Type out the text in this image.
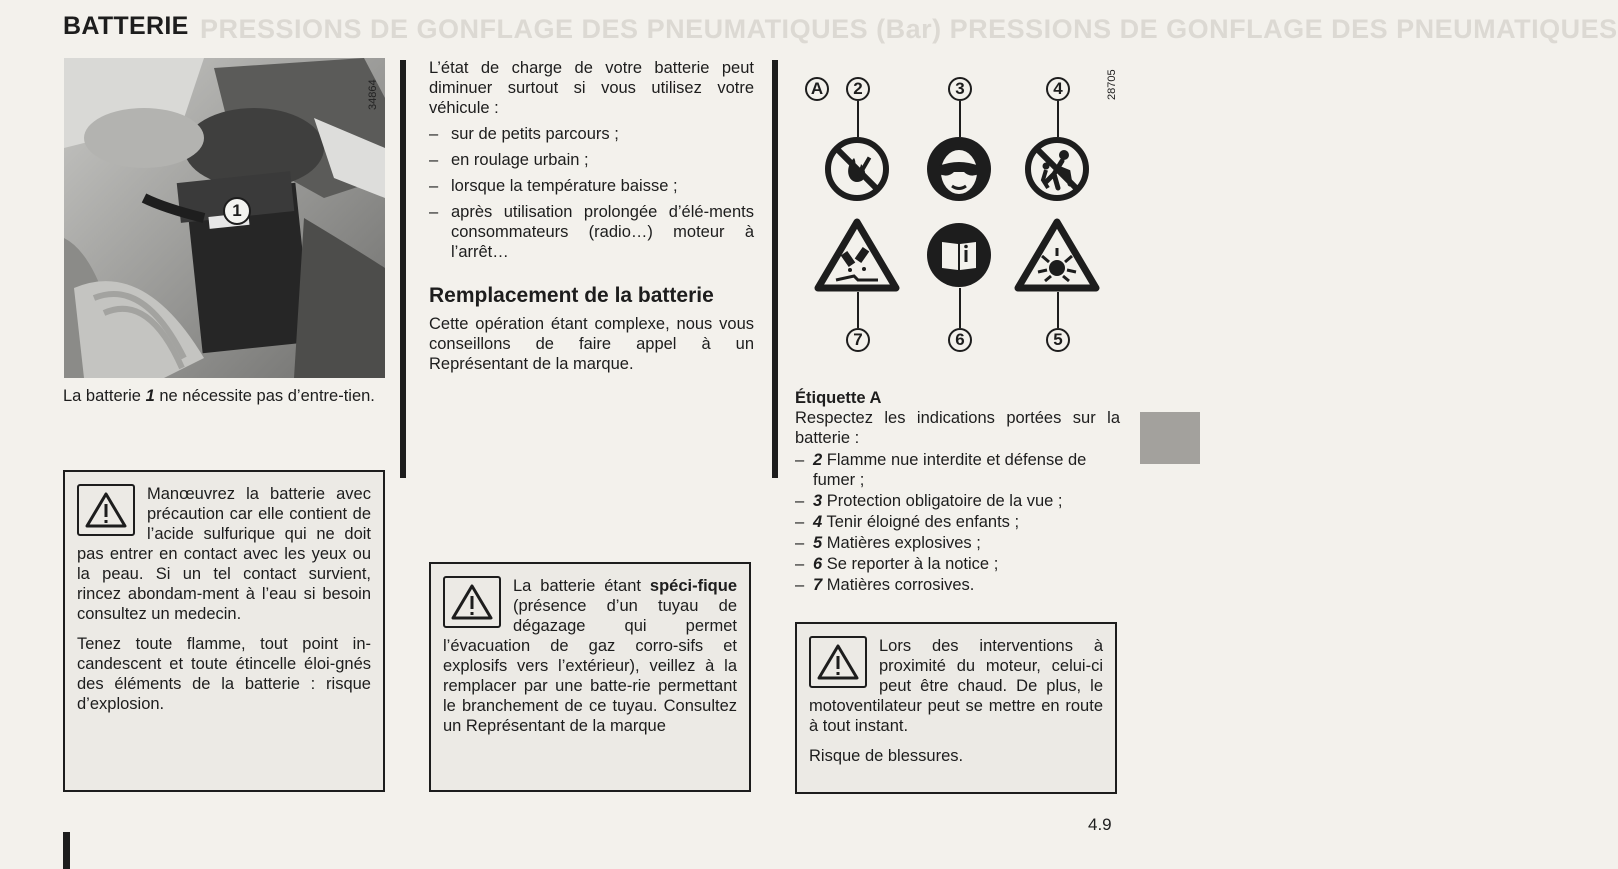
PRESSIONS DE GONFLAGE DES PNEUMATIQUES (Bar) PRESSIONS DE GONFLAGE DES PNEUMATIQUES
BATTERIE
1
34864
La batterie 1 ne nécessite pas d’entre-tien.

Manœuvrez la batterie avec précaution car elle contient de l’acide sulfurique qui ne doit pas entrer en contact avec les yeux ou la peau. Si un tel contact survient, rincez abondam-ment à l’eau si besoin consultez un medecin.

Tenez toute flamme, tout point in-candescent et toute étincelle éloi-gnés des éléments de la batterie : risque d’explosion.

L’état de charge de votre batterie peut diminuer surtout si vous utilisez votre véhicule :

– sur de petits parcours ;
– en roulage urbain ;
– lorsque la température baisse ;
– après utilisation prolongée d’élé-ments consommateurs (radio…) moteur à l’arrêt…
Remplacement de la batterie

Cette opération étant complexe, nous vous conseillons de faire appel à un Représentant de la marque.

La batterie étant spéci-fique (présence d’un tuyau de dégazage qui permet l’évacuation de gaz corro-sifs et explosifs vers l’extérieur), veillez à la remplacer par une batte-rie permettant le branchement de ce tuyau. Consultez un Représentant de la marque

A	2	3	4
7	6	5
28705
Étiquette A

Respectez les indications portées sur la batterie :

– 2 Flamme nue interdite et défense de fumer ;
– 3 Protection obligatoire de la vue ;
– 4 Tenir éloigné des enfants ;
– 5 Matières explosives ;
– 6 Se reporter à la notice ;
– 7 Matières corrosives.

Lors des interventions à proximité du moteur, celui-ci peut être chaud. De plus, le motoventilateur peut se mettre en route à tout instant.

Risque de blessures.

4.9
